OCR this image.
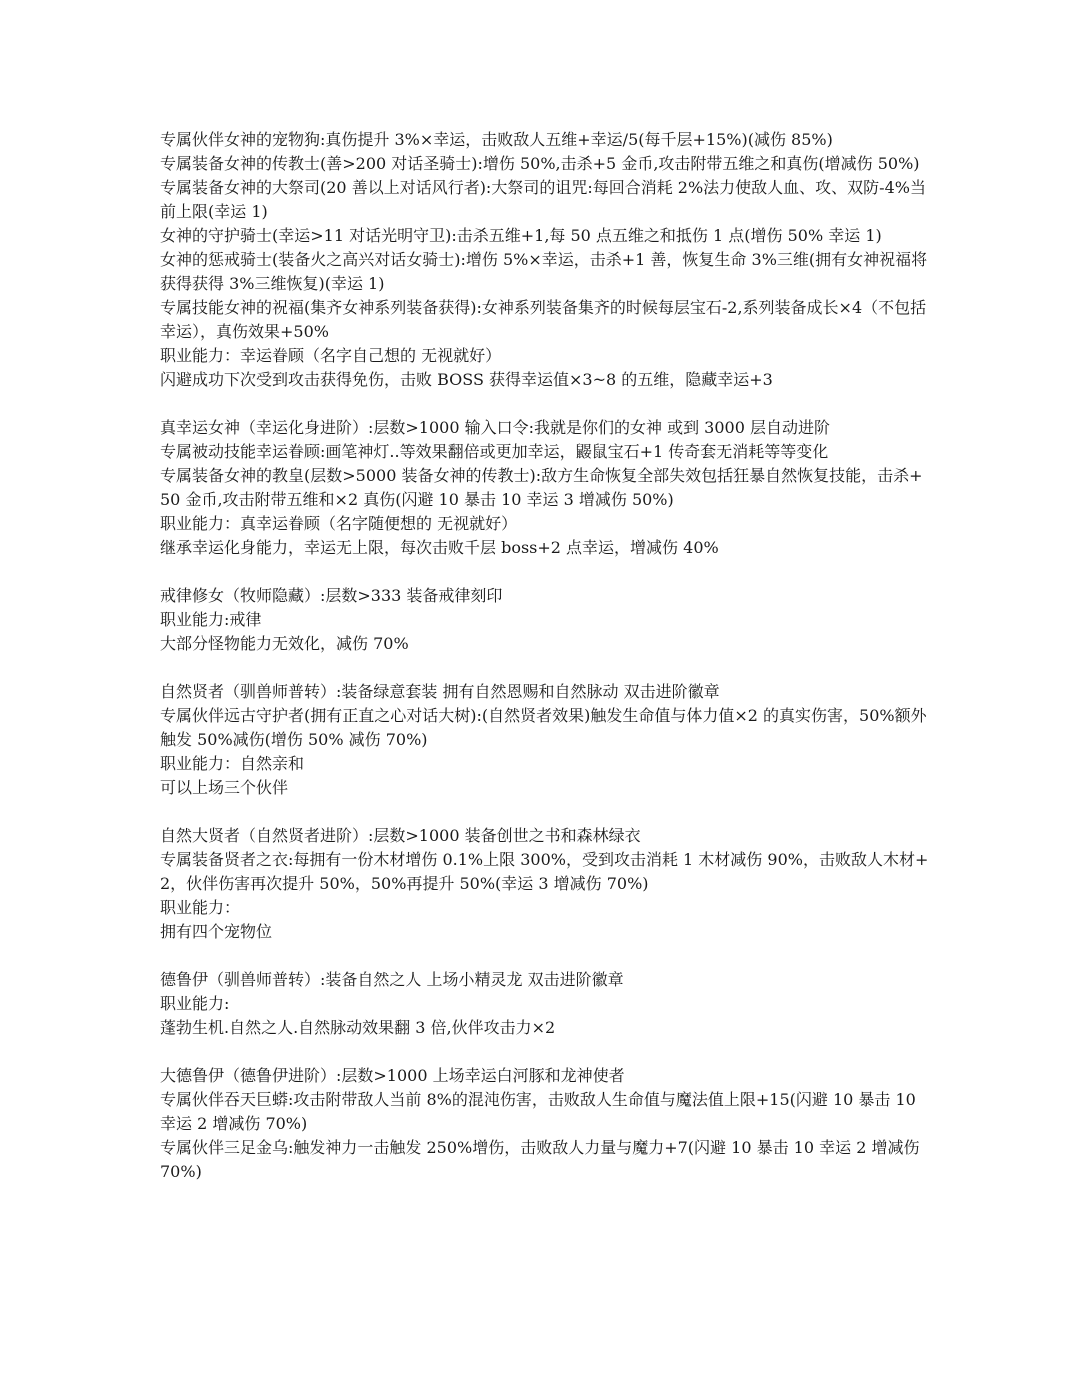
专属伙伴女神的宠物狗:真伤提升 3%×幸运，击败敌人五维+幸运/5(每千层+15%)(减伤 85%)
专属装备女神的传教士(善>200 对话圣骑士):增伤 50%,击杀+5 金币,攻击附带五维之和真伤(增减伤 50%)
专属装备女神的大祭司(20 善以上对话风行者):大祭司的诅咒:每回合消耗 2%法力使敌人血、攻、双防-4%当前上限(幸运 1)
女神的守护骑士(幸运>11 对话光明守卫):击杀五维+1,每 50 点五维之和抵伤 1 点(增伤 50% 幸运 1)
女神的惩戒骑士(装备火之高兴对话女骑士):增伤 5%×幸运，击杀+1 善，恢复生命 3%三维(拥有女神祝福将获得获得 3%三维恢复)(幸运 1)
专属技能女神的祝福(集齐女神系列装备获得):女神系列装备集齐的时候每层宝石-2,系列装备成长×4（不包括幸运），真伤效果+50%
职业能力：幸运眷顾（名字自己想的 无视就好）
闪避成功下次受到攻击获得免伤，击败 BOSS 获得幸运值×3~8 的五维，隐藏幸运+3
真幸运女神（幸运化身进阶）:层数>1000 输入口令:我就是你们的女神 或到 3000 层自动进阶
专属被动技能幸运眷顾:画笔神灯..等效果翻倍或更加幸运，鼹鼠宝石+1 传奇套无消耗等等变化
专属装备女神的教皇(层数>5000 装备女神的传教士):敌方生命恢复全部失效包括狂暴自然恢复技能，击杀+50 金币,攻击附带五维和×2 真伤(闪避 10 暴击 10 幸运 3 增减伤 50%)
职业能力：真幸运眷顾（名字随便想的 无视就好）
继承幸运化身能力，幸运无上限，每次击败千层 boss+2 点幸运，增减伤 40%
戒律修女（牧师隐藏）:层数>333 装备戒律刻印
职业能力:戒律
大部分怪物能力无效化，减伤 70%
自然贤者（驯兽师普转）:装备绿意套装 拥有自然恩赐和自然脉动 双击进阶徽章
专属伙伴远古守护者(拥有正直之心对话大树):(自然贤者效果)触发生命值与体力值×2 的真实伤害，50%额外触发 50%减伤(增伤 50% 减伤 70%)
职业能力：自然亲和
可以上场三个伙伴
自然大贤者（自然贤者进阶）:层数>1000 装备创世之书和森林绿衣
专属装备贤者之衣:每拥有一份木材增伤 0.1%上限 300%，受到攻击消耗 1 木材减伤 90%，击败敌人木材+2，伙伴伤害再次提升 50%，50%再提升 50%(幸运 3 增减伤 70%)
职业能力：
拥有四个宠物位
德鲁伊（驯兽师普转）:装备自然之人 上场小精灵龙 双击进阶徽章
职业能力:
蓬勃生机.自然之人.自然脉动效果翻 3 倍,伙伴攻击力×2
大德鲁伊（德鲁伊进阶）:层数>1000 上场幸运白河豚和龙神使者
专属伙伴吞天巨蟒:攻击附带敌人当前 8%的混沌伤害，击败敌人生命值与魔法值上限+15(闪避 10 暴击 10 幸运 2 增减伤 70%)
专属伙伴三足金乌:触发神力一击触发 250%增伤，击败敌人力量与魔力+7(闪避 10 暴击 10 幸运 2 增减伤 70%)
